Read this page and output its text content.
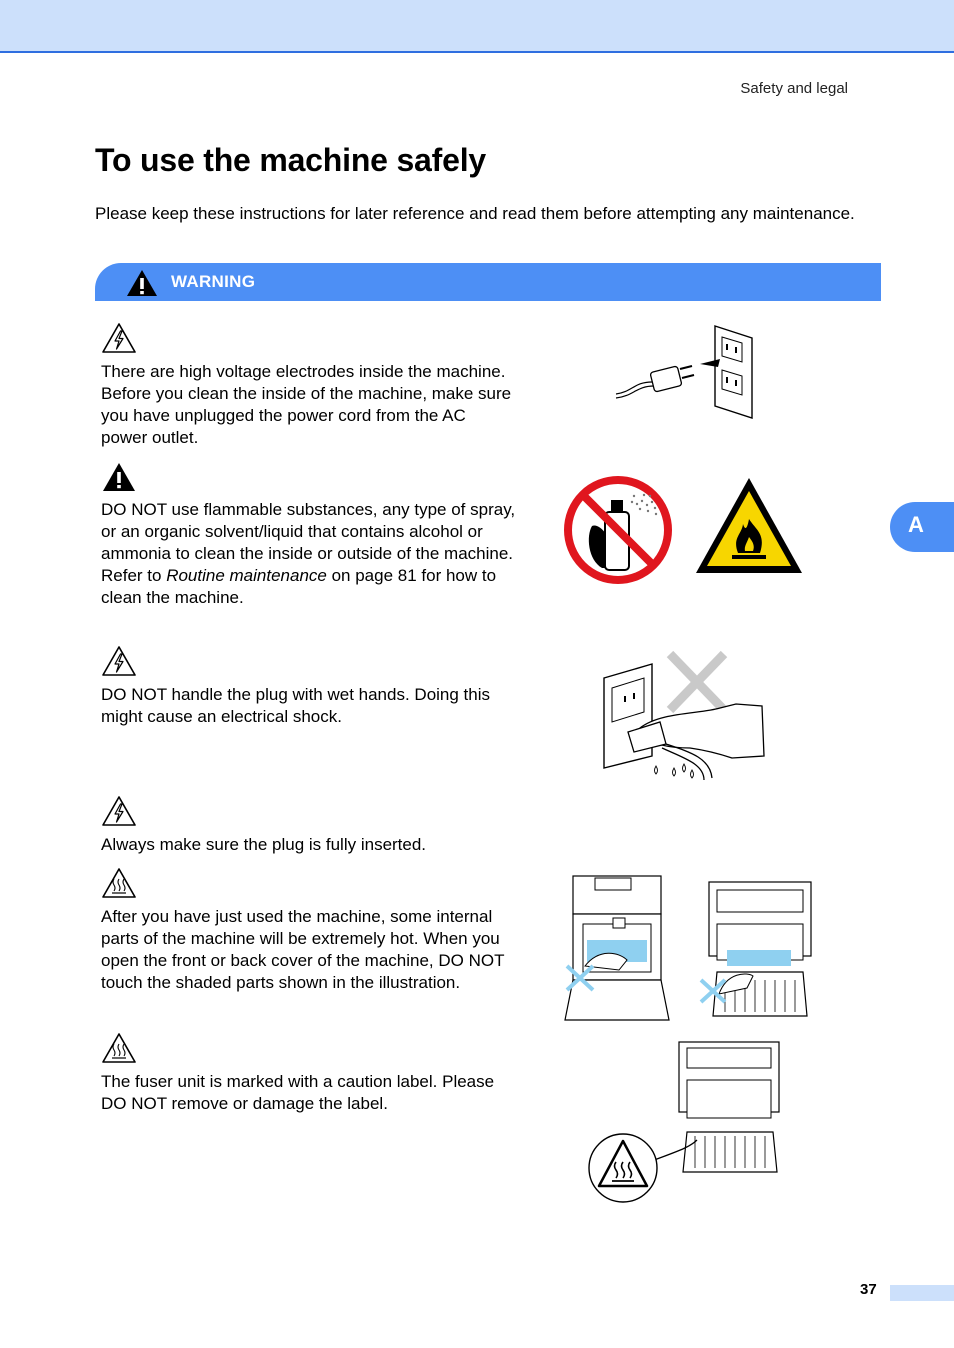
Safety and legal
To use the machine safely

Please keep these instructions for later reference and read them before attempting any maintenance.

WARNING
A

There are high voltage electrodes inside the machine. Before you clean the inside of the machine, make sure you have unplugged the power cord from the AC power outlet.

DO NOT use flammable substances, any type of spray, or an organic solvent/liquid that contains alcohol or ammonia to clean the inside or outside of the machine.
Refer to Routine maintenance on page 81 for how to clean the machine.

DO NOT handle the plug with wet hands. Doing this might cause an electrical shock.

Always make sure the plug is fully inserted.

After you have just used the machine, some internal parts of the machine will be extremely hot. When you open the front or back cover of the machine, DO NOT touch the shaded parts shown in the illustration.

The fuser unit is marked with a caution label. Please DO NOT remove or damage the label.

37
